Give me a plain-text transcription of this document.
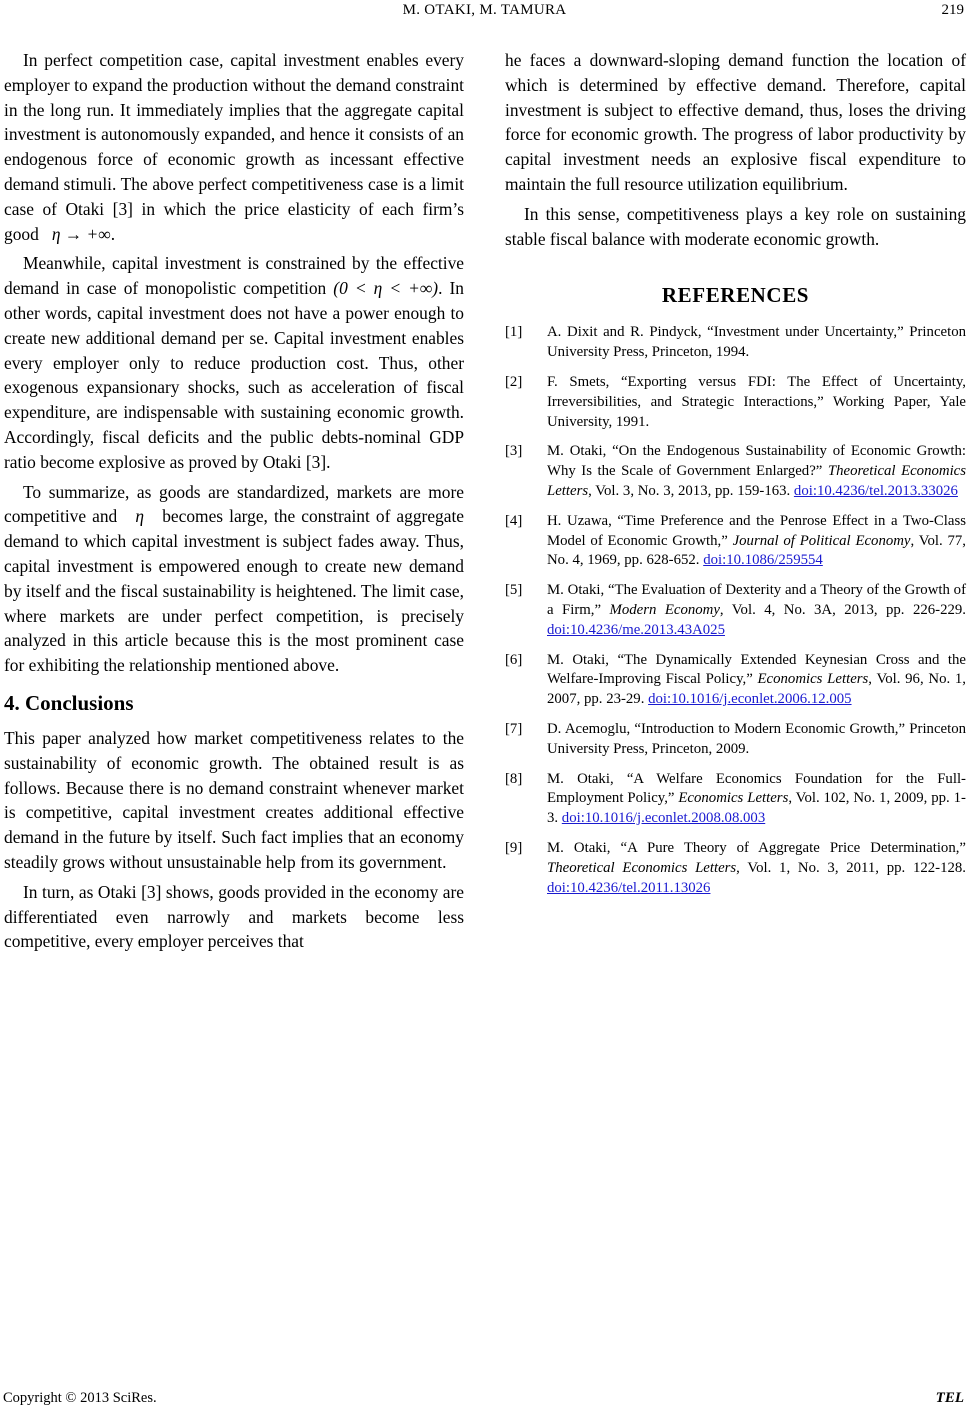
M. OTAKI, M. TAMURA	219

In perfect competition case, capital investment enables every employer to expand the production without the demand constraint in the long run. It immediately implies that the aggregate capital investment is autonomously expanded, and hence it consists of an endogenous force of economic growth as incessant effective demand stimuli. The above perfect competitiveness case is a limit case of Otaki [3] in which the price elasticity of each firm’s good η → +∞.

Meanwhile, capital investment is constrained by the effective demand in case of monopolistic competition (0 < η < +∞). In other words, capital investment does not have a power enough to create new additional demand per se. Capital investment enables every employer only to reduce production cost. Thus, other exogenous expansionary shocks, such as acceleration of fiscal expenditure, are indispensable with sustaining economic growth. Accordingly, fiscal deficits and the public debts-nominal GDP ratio become explosive as proved by Otaki [3].

To summarize, as goods are standardized, markets are more competitive and η becomes large, the constraint of aggregate demand to which capital investment is subject fades away. Thus, capital investment is empowered enough to create new demand by itself and the fiscal sustainability is heightened. The limit case, where markets are under perfect competition, is precisely analyzed in this article because this is the most prominent case for exhibiting the relationship mentioned above.

4. Conclusions

This paper analyzed how market competitiveness relates to the sustainability of economic growth. The obtained result is as follows. Because there is no demand constraint whenever market is competitive, capital investment creates additional effective demand in the future by itself. Such fact implies that an economy steadily grows without unsustainable help from its government.

In turn, as Otaki [3] shows, goods provided in the economy are differentiated even narrowly and markets become less competitive, every employer perceives that

he faces a downward-sloping demand function the location of which is determined by effective demand. Therefore, capital investment is subject to effective demand, thus, loses the driving force for economic growth. The progress of labor productivity by capital investment needs an explosive fiscal expenditure to maintain the full resource utilization equilibrium.

In this sense, competitiveness plays a key role on sustaining stable fiscal balance with moderate economic growth.

REFERENCES
[1] A. Dixit and R. Pindyck, “Investment under Uncertainty,” Princeton University Press, Princeton, 1994.
[2] F. Smets, “Exporting versus FDI: The Effect of Uncertainty, Irreversibilities, and Strategic Interactions,” Working Paper, Yale University, 1991.
[3] M. Otaki, “On the Endogenous Sustainability of Economic Growth: Why Is the Scale of Government Enlarged?” Theoretical Economics Letters, Vol. 3, No. 3, 2013, pp. 159-163. doi:10.4236/tel.2013.33026
[4] H. Uzawa, “Time Preference and the Penrose Effect in a Two-Class Model of Economic Growth,” Journal of Political Economy, Vol. 77, No. 4, 1969, pp. 628-652. doi:10.1086/259554
[5] M. Otaki, “The Evaluation of Dexterity and a Theory of the Growth of a Firm,” Modern Economy, Vol. 4, No. 3A, 2013, pp. 226-229. doi:10.4236/me.2013.43A025
[6] M. Otaki, “The Dynamically Extended Keynesian Cross and the Welfare-Improving Fiscal Policy,” Economics Letters, Vol. 96, No. 1, 2007, pp. 23-29. doi:10.1016/j.econlet.2006.12.005
[7] D. Acemoglu, “Introduction to Modern Economic Growth,” Princeton University Press, Princeton, 2009.
[8] M. Otaki, “A Welfare Economics Foundation for the Full-Employment Policy,” Economics Letters, Vol. 102, No. 1, 2009, pp. 1-3. doi:10.1016/j.econlet.2008.08.003
[9] M. Otaki, “A Pure Theory of Aggregate Price Determination,” Theoretical Economics Letters, Vol. 1, No. 3, 2011, pp. 122-128. doi:10.4236/tel.2011.13026
Copyright © 2013 SciRes.	TEL
